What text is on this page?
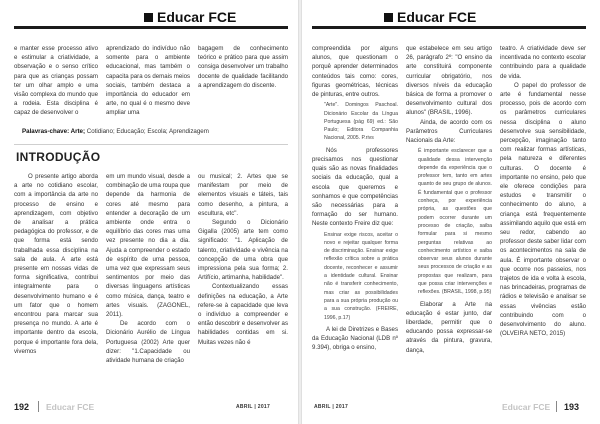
Educar FCE

e manter esse processo ativo e estimular a criatividade, a observação e o senso crítico para que as crianças possam ter um olhar amplo e uma visão complexa do mundo que a rodeia. Esta disciplina é capaz de desenvolver o

aprendizado do indivíduo não somente para o ambiente educacional, mas também o capacita para os demais meios sociais, também destaca a importância do educador em arte, no qual é o mesmo deve ampliar uma

bagagem de conhecimento teórico e prático para que assim consiga desenvolver um trabalho docente de qualidade facilitando a aprendizagem do discente.

Palavras-chave: Arte; Cotidiano; Educação; Escola; Aprendizagem
INTRODUÇÃO

O presente artigo aborda a arte no cotidiano escolar, com a importância da arte no processo de ensino e aprendizagem, com objetivo de analisar a prática pedagógica do professor, e de que forma está sendo trabalhada essa disciplina na sala de aula. A arte está presente em nossas vidas de forma significativa, contribui integralmente para o desenvolvimento humano e é um fator que o homem encontrou para marcar sua presença no mundo. A arte é importante dentro da escola, porque é importante fora dela, vivemos

em um mundo visual, desde a combinação de uma roupa que depende da harmonia de cores até mesmo para entender a decoração de um ambiente onde entra o equilíbrio das cores mas uma vez presente no dia a dia. Ajuda a compreender o estado de espírito de uma pessoa, uma vez que expressam seus sentimentos por meio das diversas linguagens artísticas como música, dança, teatro e artes visuais. (ZAGONEL, 2011).

De acordo com o Dicionário Aurélio de Língua Portuguesa (2002) Arte quer dizer: "1.Capacidade ou atividade humana de criação

ou musical; 2. Artes que se manifestam por meio de elementos visuais e táteis, tais como desenho, a pintura, a escultura, etc".

Segundo o Dicionário Gigalla (2005) arte tem como significado: "1. Aplicação de talento, criatividade e vivência na concepção de uma obra que impressiona pela sua forma; 2. Artifício, artimanha, habilidade".

Contextualizando essas definições na educação, a Arte refere-se à capacidade que leva o indivíduo a compreender e então descobrir e desenvolver as habilidades contidas em si. Muitas vezes não é

192 Educar FCE	ABRIL | 2017
Educar FCE

compreendida por alguns alunos, que questionam o porquê aprender determinados conteúdos tais como: cores, figuras geométricas, técnicas de pinturas, entre outros.

"Arte". Domingos Paschoal. Dicionário Escolar da Língua Portuguesa (pág 69) ed.: São Paulo; Editora Companhia Nacional, 2005. P.rivs

Nós professores precisamos nos questionar quais são as novas finalidades sociais da educação, qual a escola que queremos e sonhamos e que competências são necessárias para a formação do ser humano. Neste contexto Freire diz que:

Ensinar exige riscos, aceitar o novo e rejeitar qualquer forma de discriminação. Ensinar exige reflexão crítica sobre a prática docente, reconhecer e assumir a identidade cultural. Ensinar não é transferir conhecimento, mas criar as possibilidades para a sua própria produção ou a sua construção. (FREIRE, 1996, p.17)

A lei de Diretrizes e Bases da Educação Nacional (LDB nº 9.394), obriga o ensino,

que estabelece em seu artigo 26, parágrafo 2º: "O ensino da arte constituirá componente curricular obrigatório, nos diversos níveis da educação básica de forma a promover o desenvolvimento cultural dos alunos" (BRASIL, 1996).

Ainda, de acordo com os Parâmetros Curriculares Nacionais da Arte:

É importante esclarecer que a qualidade dessa intervenção depende da experiência que o professor tem, tanto em artes quanto de seu grupo de alunos. É fundamental que o professor conheça, por experiência própria, as questões que podem ocorrer durante um processo de criação, saiba formular para si mesmo perguntas relativas ao conhecimento artístico e saiba observar seus alunos durante seus processos de criação e as propostas que realizam, para que possa criar intervenções e reflexões. (BRASIL, 1998, p.95)

Elaborar a Arte na educação é estar junto, dar liberdade, permitir que o educando possa expressar-se através da pintura, gravura, dança,

teatro. A criatividade deve ser incentivada no contexto escolar contribuindo para a qualidade de vida.

O papel do professor de arte é fundamental nesse processo, pois de acordo com os parâmetros curriculares nessa disciplina o aluno desenvolve sua sensibilidade, percepção, imaginação tanto com realizar formas artísticas, pela natureza e diferentes culturas. O docente é importante no ensino, pelo que ele oferece condições para estudos e transmitir o conhecimento do aluno, a criança está frequentemente assimilando aquilo que está em seu redor, cabendo ao professor deste saber lidar com os acontecimentos na sala de aula. É importante observar o que ocorre nos passeios, nos trajetos de ida e volta à escola, nas brincadeiras, programas de rádios e televisão e analisar se essas vivências estão contribuindo com o desenvolvimento do aluno. (OLVEIRA NETO, 2015)

ABRIL | 2017	Educar FCE 193
